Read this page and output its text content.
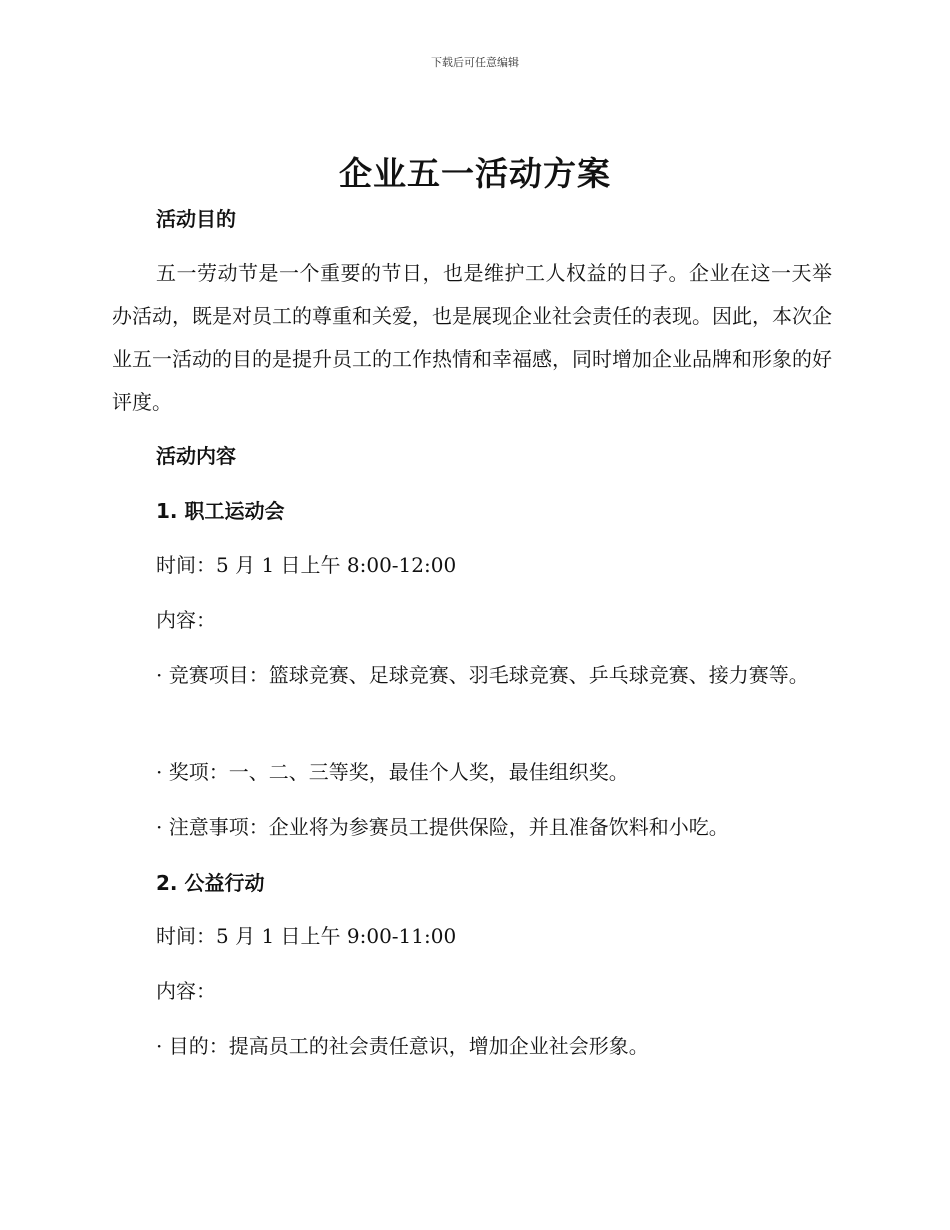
下载后可任意编辑
企业五一活动方案
活动目的
五一劳动节是一个重要的节日，也是维护工人权益的日子。企业在这一天举办活动，既是对员工的尊重和关爱，也是展现企业社会责任的表现。因此，本次企业五一活动的目的是提升员工的工作热情和幸福感，同时增加企业品牌和形象的好评度。
活动内容
1. 职工运动会
时间：5 月 1 日上午 8:00-12:00
内容：
· 竞赛项目：篮球竞赛、足球竞赛、羽毛球竞赛、乒乓球竞赛、接力赛等。
· 奖项：一、二、三等奖，最佳个人奖，最佳组织奖。
· 注意事项：企业将为参赛员工提供保险，并且准备饮料和小吃。
2. 公益行动
时间：5 月 1 日上午 9:00-11:00
内容：
· 目的：提高员工的社会责任意识，增加企业社会形象。
